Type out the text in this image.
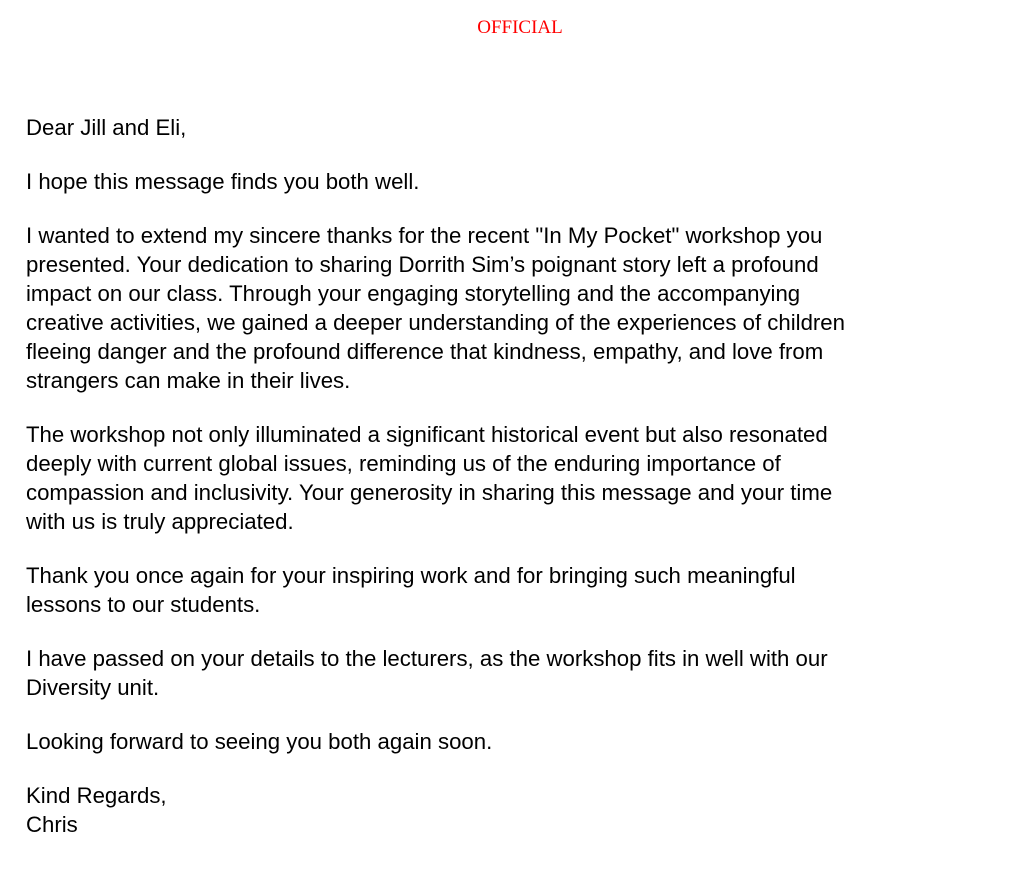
OFFICIAL

Dear Jill and Eli,

I hope this message finds you both well.

I wanted to extend my sincere thanks for the recent "In My Pocket" workshop you
presented. Your dedication to sharing Dorrith Sim’s poignant story left a profound
impact on our class. Through your engaging storytelling and the accompanying
creative activities, we gained a deeper understanding of the experiences of children
fleeing danger and the profound difference that kindness, empathy, and love from
strangers can make in their lives.

The workshop not only illuminated a significant historical event but also resonated
deeply with current global issues, reminding us of the enduring importance of
compassion and inclusivity. Your generosity in sharing this message and your time
with us is truly appreciated.

Thank you once again for your inspiring work and for bringing such meaningful
lessons to our students.

I have passed on your details to the lecturers, as the workshop fits in well with our
Diversity unit.

Looking forward to seeing you both again soon.

Kind Regards,
Chris
